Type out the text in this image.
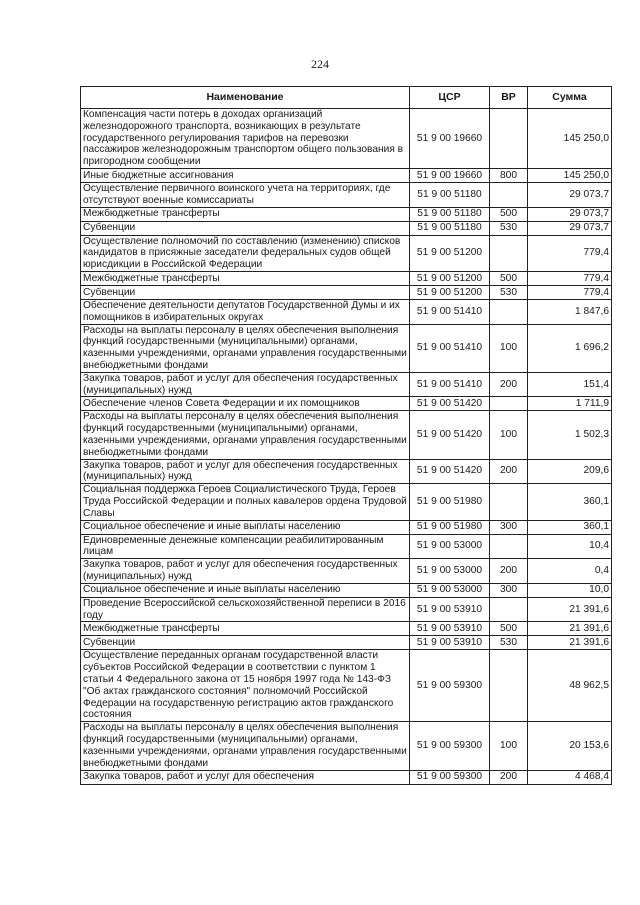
224
Наименование	ЦСР	ВР	Сумма
Компенсация части потерь в доходах организаций железнодорожного транспорта, возникающих в результате государственного регулирования тарифов на перевозки пассажиров железнодорожным транспортом общего пользования в пригородном сообщении	51 9 00 19660		145 250,0
Иные бюджетные ассигнования	51 9 00 19660	800	145 250,0
Осуществление первичного воинского учета на территориях, где отсутствуют военные комиссариаты	51 9 00 51180		29 073,7
Межбюджетные трансферты	51 9 00 51180	500	29 073,7
Субвенции	51 9 00 51180	530	29 073,7
Осуществление полномочий по составлению (изменению) списков кандидатов в присяжные заседатели федеральных судов общей юрисдикции в Российской Федерации	51 9 00 51200		779,4
Межбюджетные трансферты	51 9 00 51200	500	779,4
Субвенции	51 9 00 51200	530	779,4
Обеспечение деятельности депутатов Государственной Думы и их помощников в избирательных округах	51 9 00 51410		1 847,6
Расходы на выплаты персоналу в целях обеспечения выполнения функций государственными (муниципальными) органами, казенными учреждениями, органами управления государственными внебюджетными фондами	51 9 00 51410	100	1 696,2
Закупка товаров, работ и услуг для обеспечения государственных (муниципальных) нужд	51 9 00 51410	200	151,4
Обеспечение членов Совета Федерации и их помощников	51 9 00 51420		1 711,9
Расходы на выплаты персоналу в целях обеспечения выполнения функций государственными (муниципальными) органами, казенными учреждениями, органами управления государственными внебюджетными фондами	51 9 00 51420	100	1 502,3
Закупка товаров, работ и услуг для обеспечения государственных (муниципальных) нужд	51 9 00 51420	200	209,6
Социальная поддержка Героев Социалистического Труда, Героев Труда Российской Федерации и полных кавалеров ордена Трудовой Славы	51 9 00 51980		360,1
Социальное обеспечение и иные выплаты населению	51 9 00 51980	300	360,1
Единовременные денежные компенсации реабилитированным лицам	51 9 00 53000		10,4
Закупка товаров, работ и услуг для обеспечения государственных (муниципальных) нужд	51 9 00 53000	200	0,4
Социальное обеспечение и иные выплаты населению	51 9 00 53000	300	10,0
Проведение Всероссийской сельскохозяйственной переписи в 2016 году	51 9 00 53910		21 391,6
Межбюджетные трансферты	51 9 00 53910	500	21 391,6
Субвенции	51 9 00 53910	530	21 391,6
Осуществление переданных органам государственной власти субъектов Российской Федерации в соответствии с пунктом 1 статьи 4 Федерального закона от 15 ноября 1997 года № 143-ФЗ "Об актах гражданского состояния" полномочий Российской Федерации на государственную регистрацию актов гражданского состояния	51 9 00 59300		48 962,5
Расходы на выплаты персоналу в целях обеспечения выполнения функций государственными (муниципальными) органами, казенными учреждениями, органами управления государственными внебюджетными фондами	51 9 00 59300	100	20 153,6
Закупка товаров, работ и услуг для обеспечения	51 9 00 59300	200	4 468,4
